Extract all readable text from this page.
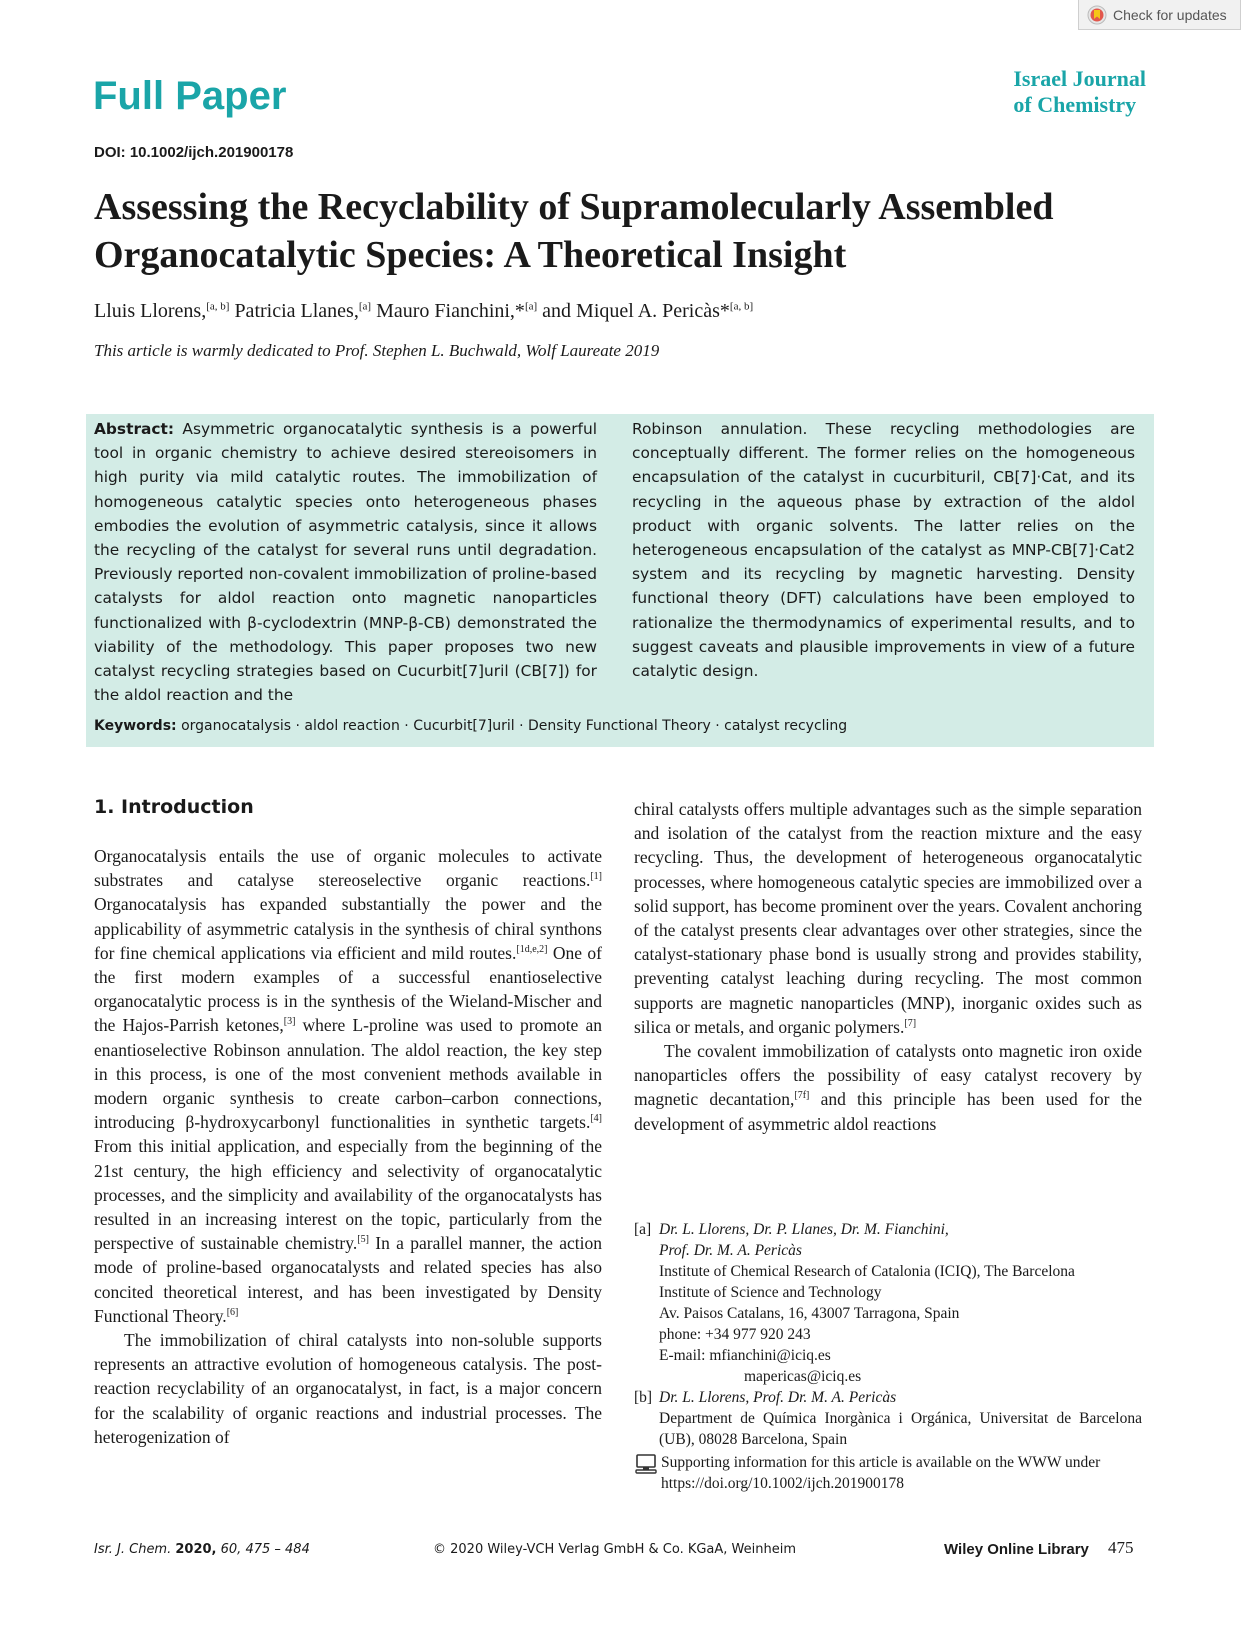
Check for updates
Full Paper	Israel Journal
of Chemistry
DOI: 10.1002/ijch.201900178
Assessing the Recyclability of Supramolecularly Assembled Organocatalytic Species: A Theoretical Insight
Lluis Llorens,[a, b] Patricia Llanes,[a] Mauro Fianchini,*[a] and Miquel A. Pericàs*[a, b]
This article is warmly dedicated to Prof. Stephen L. Buchwald, Wolf Laureate 2019
Abstract: Asymmetric organocatalytic synthesis is a powerful tool in organic chemistry to achieve desired stereoisomers in high purity via mild catalytic routes. The immobilization of homogeneous catalytic species onto heterogeneous phases embodies the evolution of asymmetric catalysis, since it allows the recycling of the catalyst for several runs until degradation. Previously reported non-covalent immobilization of proline-based catalysts for aldol reaction onto magnetic nanoparticles functionalized with β-cyclodextrin (MNP-β-CB) demonstrated the viability of the methodology. This paper proposes two new catalyst recycling strategies based on Cucurbit[7]uril (CB[7]) for the aldol reaction and the
Robinson annulation. These recycling methodologies are conceptually different. The former relies on the homogeneous encapsulation of the catalyst in cucurbituril, CB[7]·Cat, and its recycling in the aqueous phase by extraction of the aldol product with organic solvents. The latter relies on the heterogeneous encapsulation of the catalyst as MNP-CB[7]·Cat2 system and its recycling by magnetic harvesting. Density functional theory (DFT) calculations have been employed to rationalize the thermodynamics of experimental results, and to suggest caveats and plausible improvements in view of a future catalytic design.
Keywords: organocatalysis · aldol reaction · Cucurbit[7]uril · Density Functional Theory · catalyst recycling
1. Introduction

Organocatalysis entails the use of organic molecules to activate substrates and catalyse stereoselective organic reactions.[1] Organocatalysis has expanded substantially the power and the applicability of asymmetric catalysis in the synthesis of chiral synthons for fine chemical applications via efficient and mild routes.[1d,e,2] One of the first modern examples of a successful enantioselective organocatalytic process is in the synthesis of the Wieland-Mischer and the Hajos-Parrish ketones,[3] where L-proline was used to promote an enantioselective Robinson annulation. The aldol reaction, the key step in this process, is one of the most convenient methods available in modern organic synthesis to create carbon–carbon connections, introducing β-hydroxycarbonyl functionalities in synthetic targets.[4] From this initial application, and especially from the beginning of the 21st century, the high efficiency and selectivity of organocatalytic processes, and the simplicity and availability of the organocatalysts has resulted in an increasing interest on the topic, particularly from the perspective of sustainable chemistry.[5] In a parallel manner, the action mode of proline-based organocatalysts and related species has also concited theoretical interest, and has been investigated by Density Functional Theory.[6]

The immobilization of chiral catalysts into non-soluble supports represents an attractive evolution of homogeneous catalysis. The post-reaction recyclability of an organocatalyst, in fact, is a major concern for the scalability of organic reactions and industrial processes. The heterogenization of

chiral catalysts offers multiple advantages such as the simple separation and isolation of the catalyst from the reaction mixture and the easy recycling. Thus, the development of heterogeneous organocatalytic processes, where homogeneous catalytic species are immobilized over a solid support, has become prominent over the years. Covalent anchoring of the catalyst presents clear advantages over other strategies, since the catalyst-stationary phase bond is usually strong and provides stability, preventing catalyst leaching during recycling. The most common supports are magnetic nanoparticles (MNP), inorganic oxides such as silica or metals, and organic polymers.[7]

The covalent immobilization of catalysts onto magnetic iron oxide nanoparticles offers the possibility of easy catalyst recovery by magnetic decantation,[7f] and this principle has been used for the development of asymmetric aldol reactions

[a] Dr. L. Llorens, Dr. P. Llanes, Dr. M. Fianchini,
Prof. Dr. M. A. Pericàs
Institute of Chemical Research of Catalonia (ICIQ), The Barcelona
Institute of Science and Technology
Av. Paisos Catalans, 16, 43007 Tarragona, Spain
phone: +34 977 920 243
E-mail: mfianchini@iciq.es
mapericas@iciq.es
[b] Dr. L. Llorens, Prof. Dr. M. A. Pericàs
Department de Química Inorgànica i Orgánica, Universitat de Barcelona (UB), 08028 Barcelona, Spain
Supporting information for this article is available on the WWW under https://doi.org/10.1002/ijch.201900178
Isr. J. Chem. 2020, 60, 475 – 484	© 2020 Wiley-VCH Verlag GmbH & Co. KGaA, Weinheim	Wiley Online Library 475
